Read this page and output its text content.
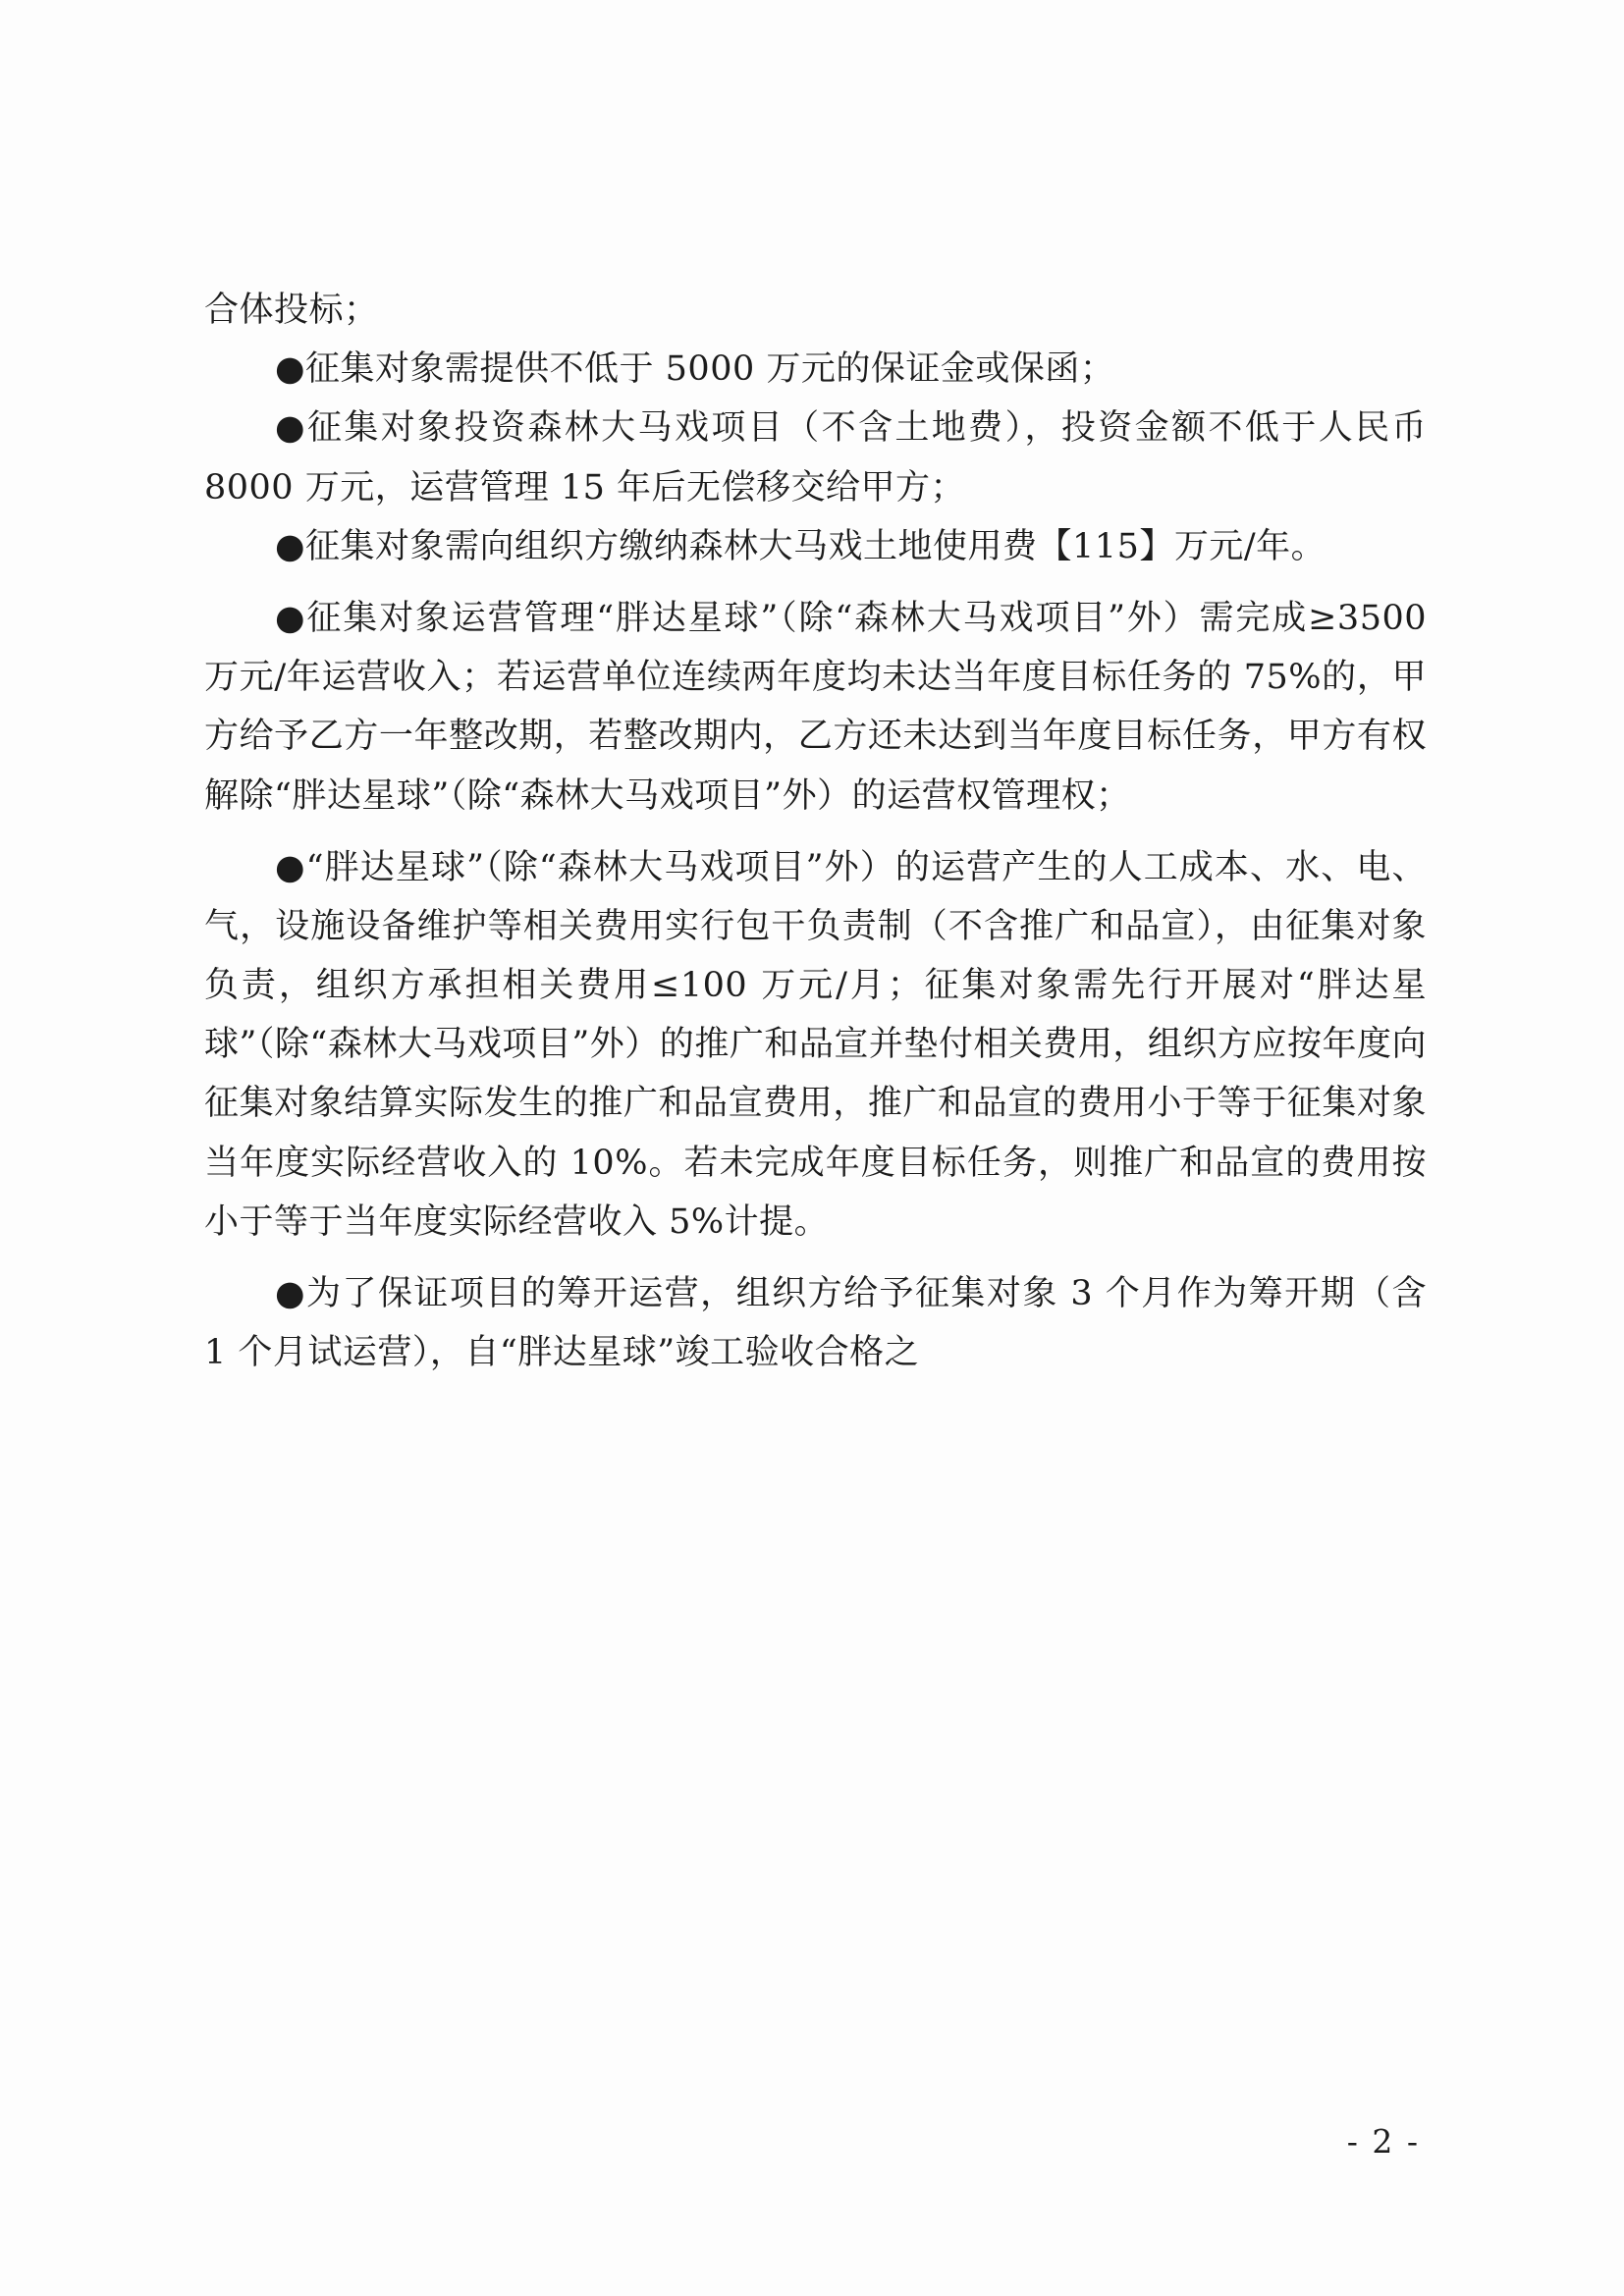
合体投标；

●征集对象需提供不低于 5000 万元的保证金或保函；

●征集对象投资森林大马戏项目（不含土地费），投资金额不低于人民币 8000 万元，运营管理 15 年后无偿移交给甲方；

●征集对象需向组织方缴纳森林大马戏土地使用费【115】万元/年。

●征集对象运营管理“胖达星球”（除“森林大马戏项目”外）需完成≥3500 万元/年运营收入；若运营单位连续两年度均未达当年度目标任务的 75%的，甲方给予乙方一年整改期，若整改期内，乙方还未达到当年度目标任务，甲方有权解除“胖达星球”（除“森林大马戏项目”外）的运营权管理权；

●“胖达星球”（除“森林大马戏项目”外）的运营产生的人工成本、水、电、气，设施设备维护等相关费用实行包干负责制（不含推广和品宣），由征集对象负责，组织方承担相关费用≤100 万元/月；征集对象需先行开展对“胖达星球”（除“森林大马戏项目”外）的推广和品宣并垫付相关费用，组织方应按年度向征集对象结算实际发生的推广和品宣费用，推广和品宣的费用小于等于征集对象当年度实际经营收入的 10%。若未完成年度目标任务，则推广和品宣的费用按小于等于当年度实际经营收入 5%计提。

●为了保证项目的筹开运营，组织方给予征集对象 3 个月作为筹开期（含 1 个月试运营），自“胖达星球”竣工验收合格之

- 2 -
